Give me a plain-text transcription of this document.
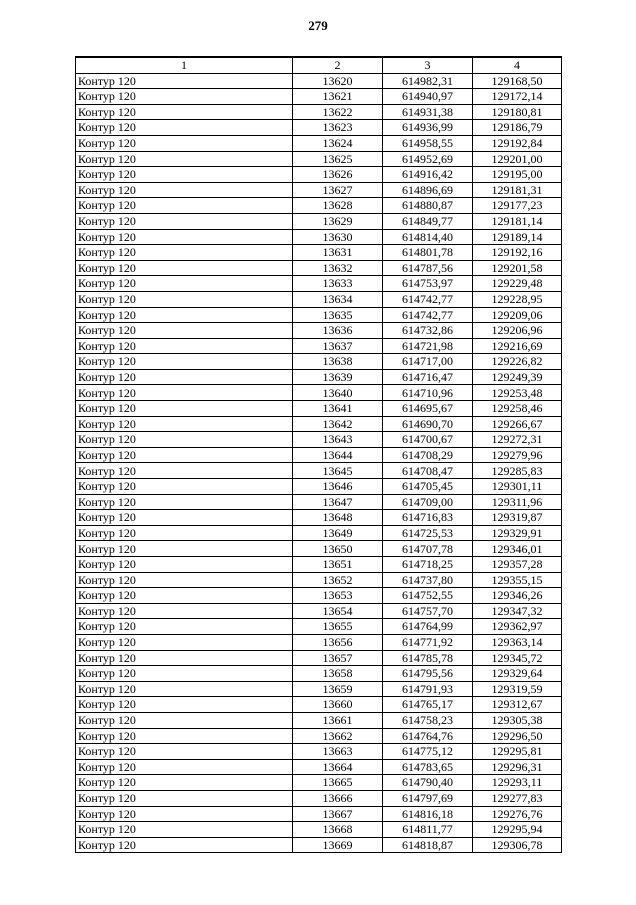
279
1	2	3	4
Контур 120	13620	614982,31	129168,50
Контур 120	13621	614940,97	129172,14
Контур 120	13622	614931,38	129180,81
Контур 120	13623	614936,99	129186,79
Контур 120	13624	614958,55	129192,84
Контур 120	13625	614952,69	129201,00
Контур 120	13626	614916,42	129195,00
Контур 120	13627	614896,69	129181,31
Контур 120	13628	614880,87	129177,23
Контур 120	13629	614849,77	129181,14
Контур 120	13630	614814,40	129189,14
Контур 120	13631	614801,78	129192,16
Контур 120	13632	614787,56	129201,58
Контур 120	13633	614753,97	129229,48
Контур 120	13634	614742,77	129228,95
Контур 120	13635	614742,77	129209,06
Контур 120	13636	614732,86	129206,96
Контур 120	13637	614721,98	129216,69
Контур 120	13638	614717,00	129226,82
Контур 120	13639	614716,47	129249,39
Контур 120	13640	614710,96	129253,48
Контур 120	13641	614695,67	129258,46
Контур 120	13642	614690,70	129266,67
Контур 120	13643	614700,67	129272,31
Контур 120	13644	614708,29	129279,96
Контур 120	13645	614708,47	129285,83
Контур 120	13646	614705,45	129301,11
Контур 120	13647	614709,00	129311,96
Контур 120	13648	614716,83	129319,87
Контур 120	13649	614725,53	129329,91
Контур 120	13650	614707,78	129346,01
Контур 120	13651	614718,25	129357,28
Контур 120	13652	614737,80	129355,15
Контур 120	13653	614752,55	129346,26
Контур 120	13654	614757,70	129347,32
Контур 120	13655	614764,99	129362,97
Контур 120	13656	614771,92	129363,14
Контур 120	13657	614785,78	129345,72
Контур 120	13658	614795,56	129329,64
Контур 120	13659	614791,93	129319,59
Контур 120	13660	614765,17	129312,67
Контур 120	13661	614758,23	129305,38
Контур 120	13662	614764,76	129296,50
Контур 120	13663	614775,12	129295,81
Контур 120	13664	614783,65	129296,31
Контур 120	13665	614790,40	129293,11
Контур 120	13666	614797,69	129277,83
Контур 120	13667	614816,18	129276,76
Контур 120	13668	614811,77	129295,94
Контур 120	13669	614818,87	129306,78
